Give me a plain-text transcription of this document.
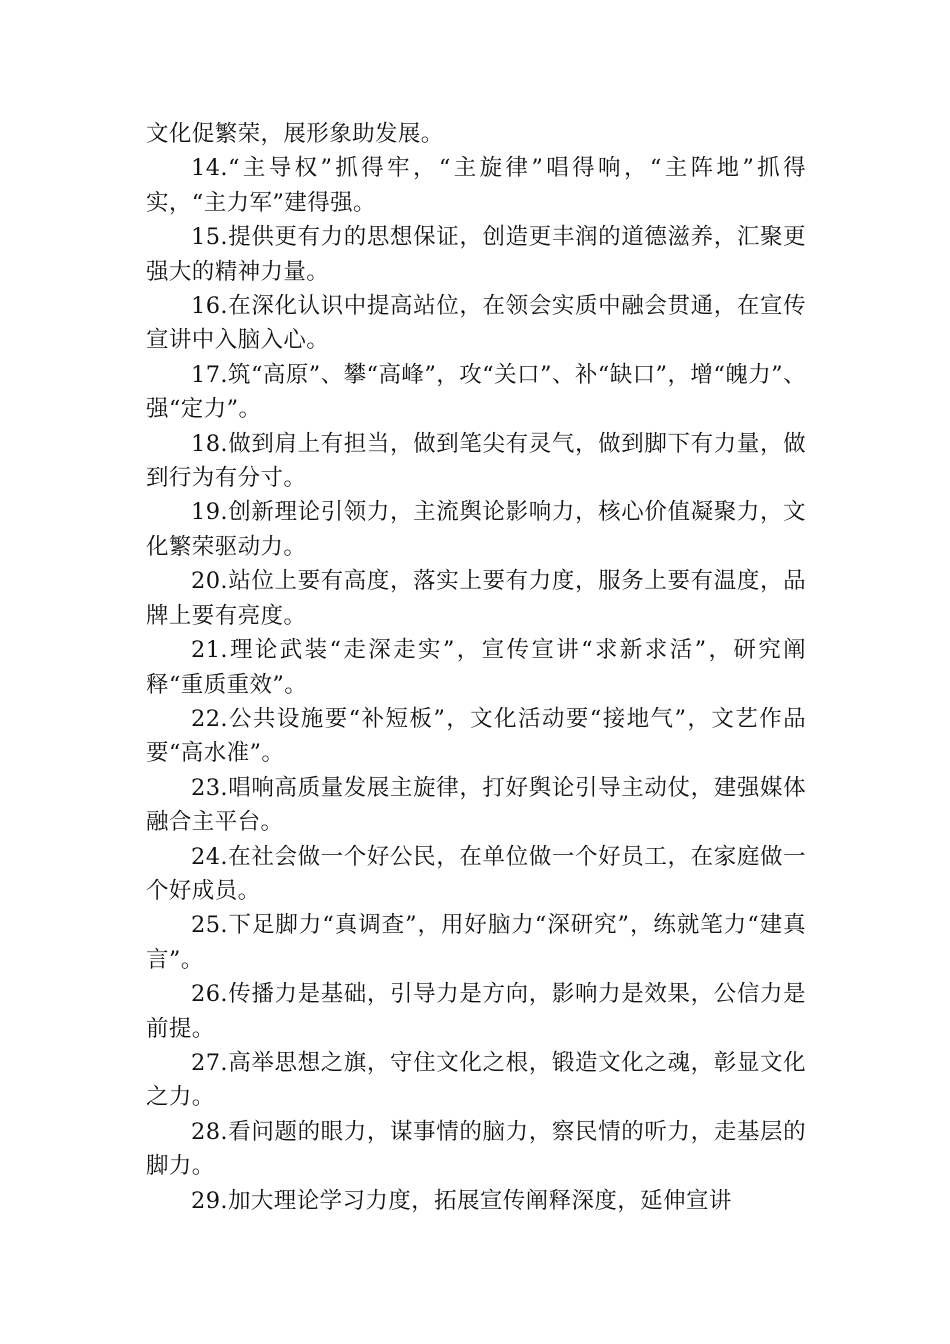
文化促繁荣，展形象助发展。

14.“主导权”抓得牢，“主旋律”唱得响，“主阵地”抓得实，“主力军”建得强。

15.提供更有力的思想保证，创造更丰润的道德滋养，汇聚更强大的精神力量。

16.在深化认识中提高站位，在领会实质中融会贯通，在宣传宣讲中入脑入心。

17.筑“高原”、攀“高峰”，攻“关口”、补“缺口”，增“魄力”、强“定力”。

18.做到肩上有担当，做到笔尖有灵气，做到脚下有力量，做到行为有分寸。

19.创新理论引领力，主流舆论影响力，核心价值凝聚力，文化繁荣驱动力。

20.站位上要有高度，落实上要有力度，服务上要有温度，品牌上要有亮度。

21.理论武装“走深走实”，宣传宣讲“求新求活”，研究阐释“重质重效”。

22.公共设施要“补短板”，文化活动要“接地气”，文艺作品要“高水准”。

23.唱响高质量发展主旋律，打好舆论引导主动仗，建强媒体融合主平台。

24.在社会做一个好公民，在单位做一个好员工，在家庭做一个好成员。

25.下足脚力“真调查”，用好脑力“深研究”，练就笔力“建真言”。

26.传播力是基础，引导力是方向，影响力是效果，公信力是前提。

27.高举思想之旗，守住文化之根，锻造文化之魂，彰显文化之力。

28.看问题的眼力，谋事情的脑力，察民情的听力，走基层的脚力。

29.加大理论学习力度，拓展宣传阐释深度，延伸宣讲
